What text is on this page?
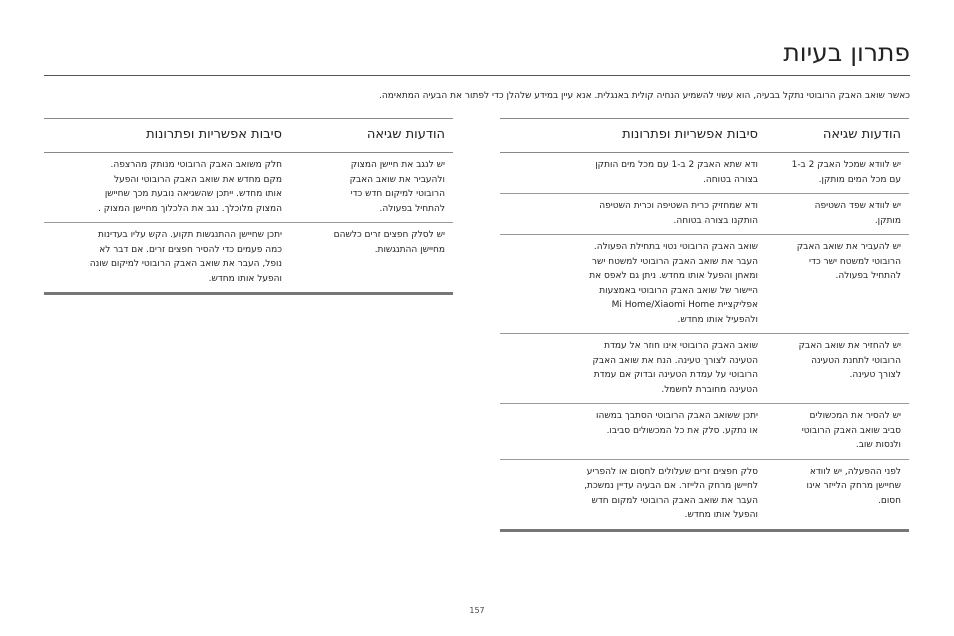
פתרון בעיות
כאשר שואב האבק הרובוטי נתקל בבעיה, הוא עשוי להשמיע הנחיה קולית באנגלית. אנא עיין במידע שלהלן כדי לפתור את הבעיה המתאימה.
הודעות שגיאה
סיבות אפשריות ופתרונות
יש לוודא שמכל האבק 2 ב-1
עם מכל המים מותקן.
ודא שתא האבק 2 ב-1 עם מכל מים הותקן
בצורה בטוחה.
יש לוודא שפד השטיפה
מותקן.
ודא שמחזיק כרית השטיפה וכרית השטיפה
הותקנו בצורה בטוחה.
יש להעביר את שואב האבק
הרובוטי למשטח ישר כדי
להתחיל בפעולה.
שואב האבק הרובוטי נטוי בתחילת הפעולה.
העבר את שואב האבק הרובוטי למשטח ישר
ומאחן והפעל אותו מחדש. ניתן גם לאפס את
היישור של שואב האבק הרובוטי באמצעות
אפליקציית Mi Home/Xiaomi Home
ולהפעיל אותו מחדש.
יש להחזיר את שואב האבק
הרובוטי לתחנת הטעינה
לצורך טעינה.
שואב האבק הרובוטי אינו חוזר אל עמדת
הטעינה לצורך טעינה. הנח את שואב האבק
הרובוטי על עמדת הטעינה ובדוק אם עמדת
הטעינה מחוברת לחשמל.
יש להסיר את המכשולים
סביב שואב האבק הרובוטי
ולנסות שוב.
יתכן ששואב האבק הרובוטי הסתבך במשהו
או נתקע. סלק את כל המכשולים סביבו.
לפני ההפעלה, יש לוודא
שחיישן מרחק הלייזר אינו
חסום.
סלק חפצים זרים שעלולים לחסום או להפריע
לחיישן מרחק הלייזר. אם הבעיה עדיין נמשכת,
העבר את שואב האבק הרובוטי למקום חדש
והפעל אותו מחדש.
הודעות שגיאה
סיבות אפשריות ופתרונות
יש לנגב את חיישן המצוק
ולהעביר את שואב האבק
הרובוטי למיקום חדש כדי
להתחיל בפעולה.
חלק משואב האבק הרובוטי מנותק מהרצפה.
מקם מחדש את שואב האבק הרובוטי והפעל
אותו מחדש. ייתכן שהשגיאה נובעת מכך שחיישן
המצוק מלוכלך. נגב את הלכלוך מחיישן המצוק .
יש לסלק חפצים זרים כלשהם
מחיישן ההתנגשות.
יתכן שחיישן ההתנגשות תקוע. הקש עליו בעדינות
כמה פעמים כדי להסיר חפצים זרים. אם דבר לא
נופל, העבר את שואב האבק הרובוטי למיקום שונה
והפעל אותו מחדש.
157
